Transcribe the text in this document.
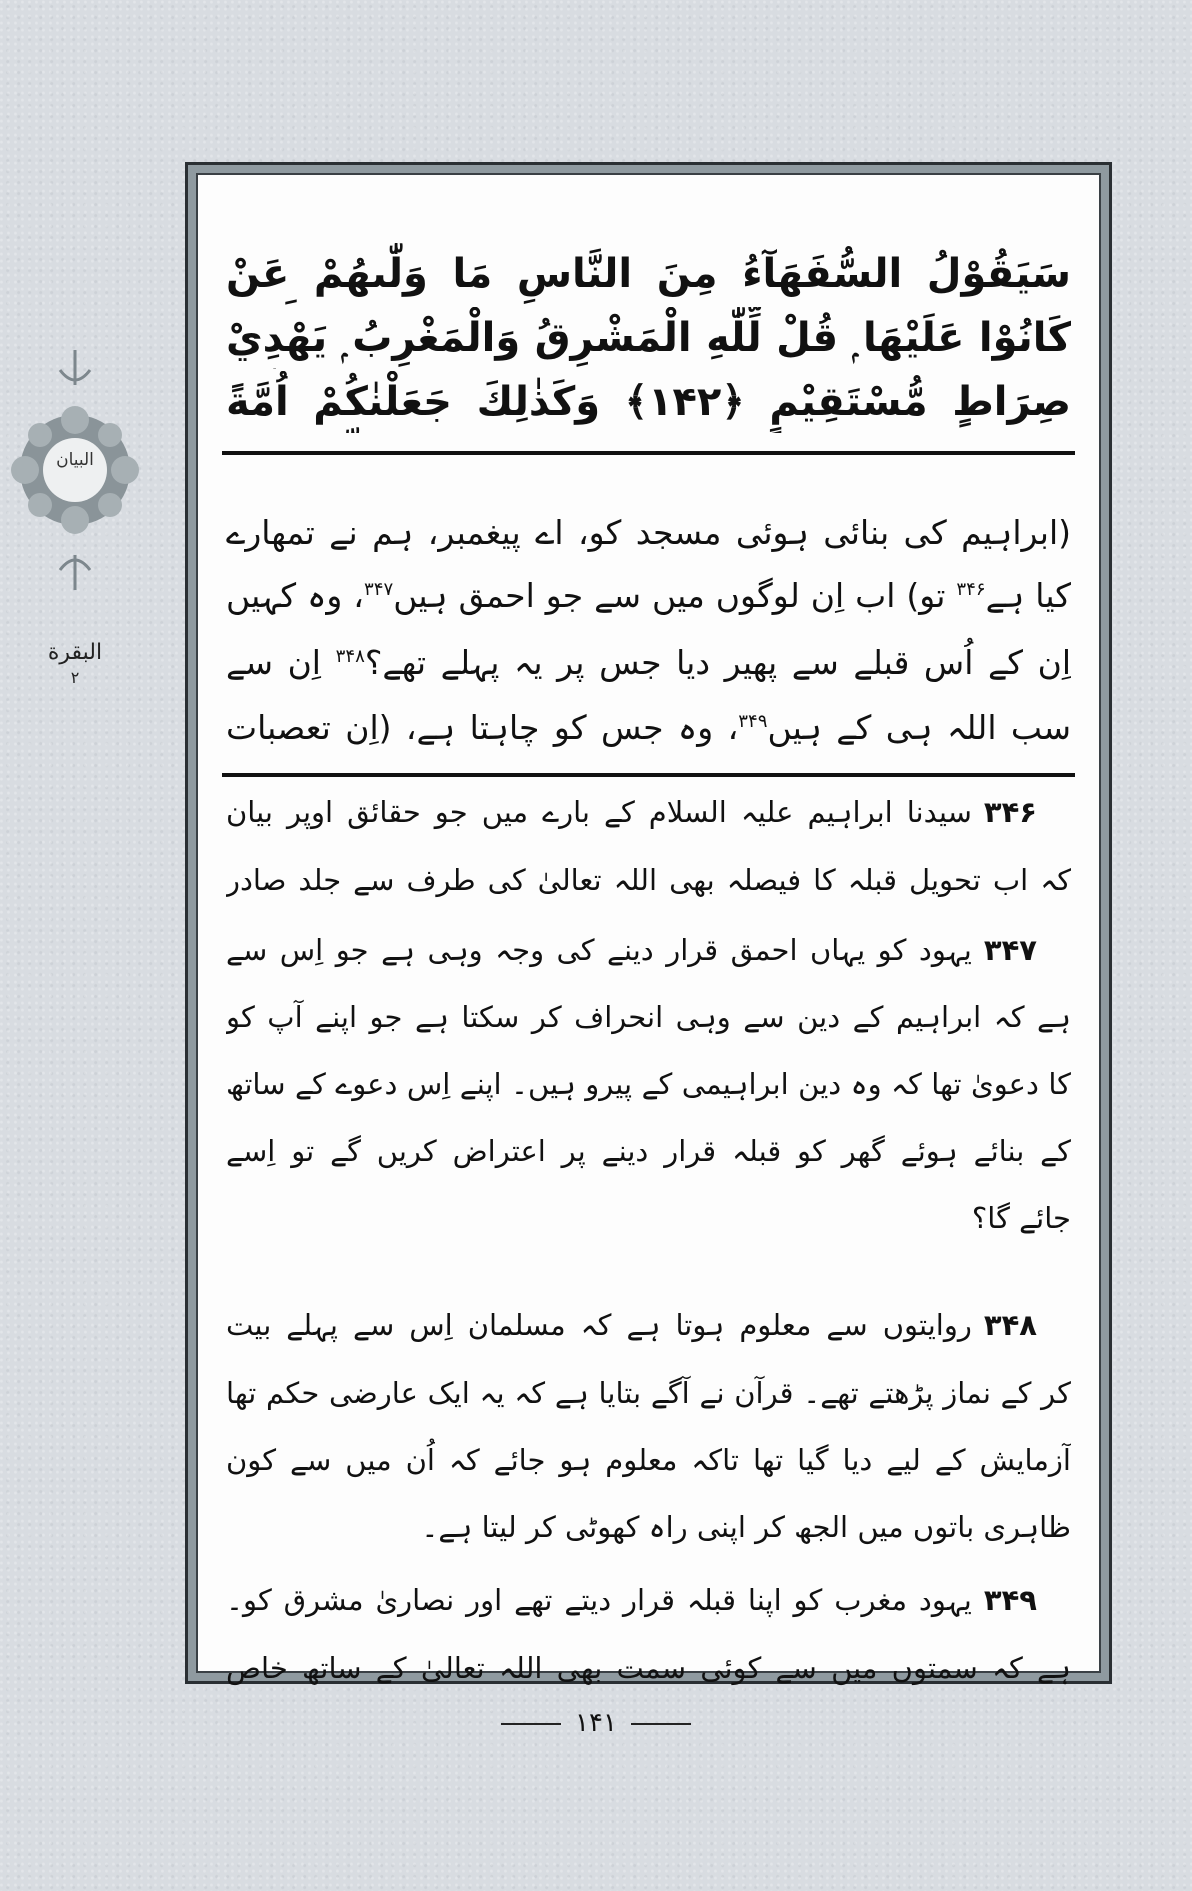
البیان
البقرة
٢
سَيَقُوْلُ السُّفَهَآءُ مِنَ النَّاسِ مَا وَلّٰىهُمْ عَنْ
كَانُوْا عَلَيْهَا ۭ قُلْ لِّلّٰهِ الْمَشْرِقُ وَالْمَغْرِبُ ۭ يَهْدِيْ
صِرَاطٍ مُّسْتَقِيْمٍ ﴿۱۴۲﴾ وَكَذٰلِكَ جَعَلْنٰكُمْ اُمَّةً
(ابراہیم کی بنائی ہوئی مسجد کو، اے پیغمبر، ہم نے تمھارے
کیا ہے$^{۳۴۶}$ تو) اب اِن لوگوں میں سے جو احمق ہیں$^{۳۴۷}$، وہ کہیں
اِن کے اُس قبلے سے پھیر دیا جس پر یہ پہلے تھے؟$^{۳۴۸}$ اِن سے
سب اللہ ہی کے ہیں$^{۳۴۹}$، وہ جس کو چاہتا ہے، (اِن تعصبات
۳۴۶سیدنا ابراہیم علیہ السلام کے بارے میں جو حقائق اوپر بیان
کہ اب تحویل قبلہ کا فیصلہ بھی اللہ تعالیٰ کی طرف سے جلد صادر
۳۴۷یہود کو یہاں احمق قرار دینے کی وجہ وہی ہے جو اِس سے
ہے کہ ابراہیم کے دین سے وہی انحراف کر سکتا ہے جو اپنے آپ کو
کا دعویٰ تھا کہ وہ دین ابراہیمی کے پیرو ہیں۔ اپنے اِس دعوے کے ساتھ
کے بنائے ہوئے گھر کو قبلہ قرار دینے پر اعتراض کریں گے تو اِسے
جائے گا؟
۳۴۸روایتوں سے معلوم ہوتا ہے کہ مسلمان اِس سے پہلے بیت
کر کے نماز پڑھتے تھے۔ قرآن نے آگے بتایا ہے کہ یہ ایک عارضی حکم تھا
آزمایش کے لیے دیا گیا تھا تاکہ معلوم ہو جائے کہ اُن میں سے کون
ظاہری باتوں میں الجھ کر اپنی راہ کھوٹی کر لیتا ہے۔
۳۴۹یہود مغرب کو اپنا قبلہ قرار دیتے تھے اور نصاریٰ مشرق کو۔
ہے کہ سمتوں میں سے کوئی سمت بھی اللہ تعالیٰ کے ساتھ خاص
۱۴۱
